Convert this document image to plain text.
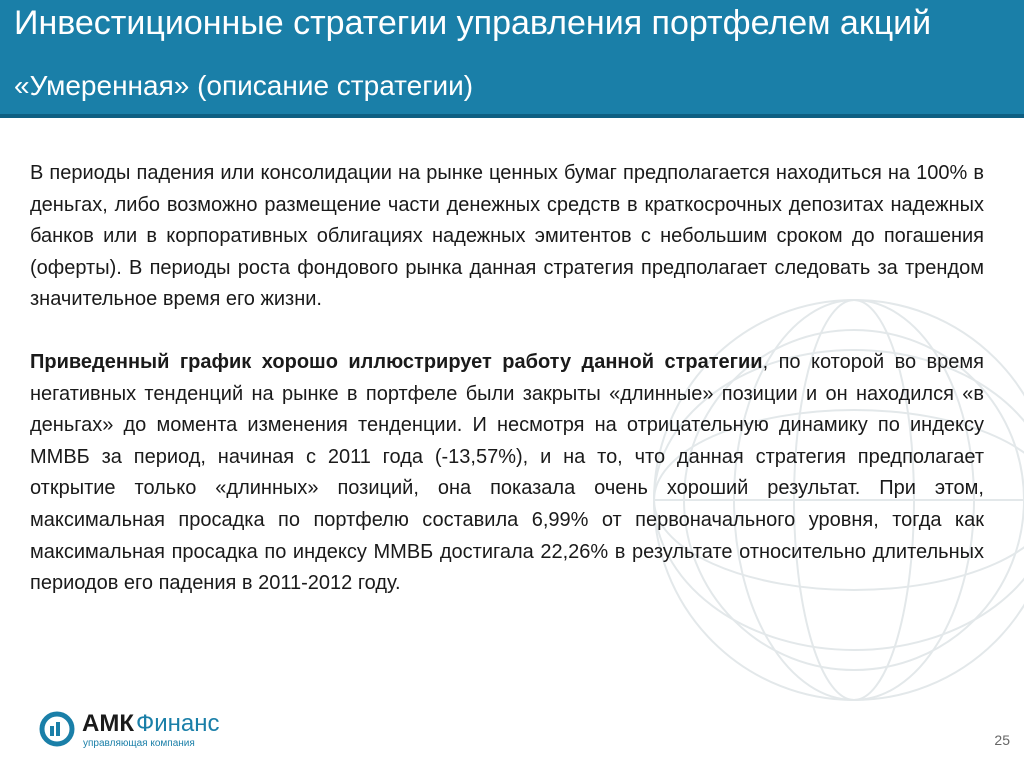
Инвестиционные стратегии управления портфелем акций
«Умеренная» (описание стратегии)

В периоды падения или консолидации на рынке ценных бумаг предполагается находиться на 100% в деньгах, либо возможно размещение части денежных средств в краткосрочных депозитах надежных банков или в корпоративных облигациях надежных эмитентов с небольшим сроком до погашения (оферты). В периоды роста фондового рынка данная стратегия предполагает следовать за трендом значительное время его жизни.

Приведенный график хорошо иллюстрирует работу данной стратегии, по которой во время негативных тенденций на рынке в портфеле были закрыты «длинные» позиции и он находился «в деньгах» до момента изменения тенденции. И несмотря на отрицательную динамику по индексу ММВБ за период, начиная с 2011 года (-13,57%), и на то, что данная стратегия предполагает открытие только «длинных» позиций, она показала очень хороший результат. При этом, максимальная просадка по портфелю составила 6,99% от первоначального уровня, тогда как максимальная просадка по индексу ММВБ достигала 22,26% в результате относительно длительных периодов его падения в 2011-2012 году.

АМКФинанс
управляющая компания	25
